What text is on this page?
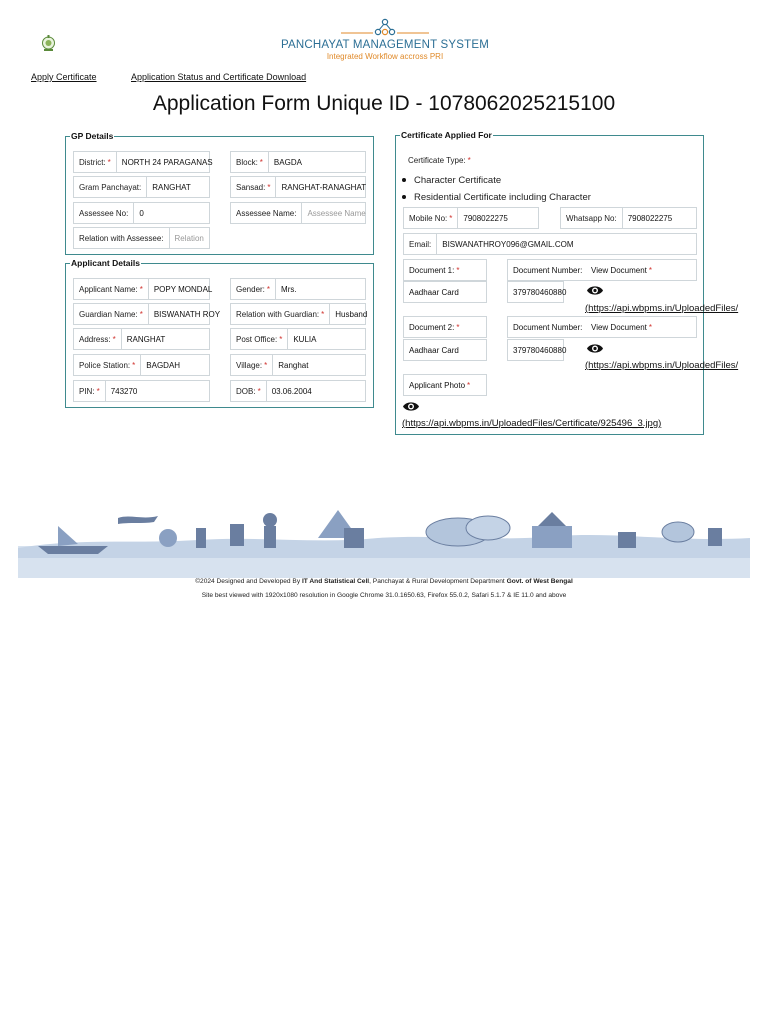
PANCHAYAT MANAGEMENT SYSTEM
Integrated Workflow accross PRI
Apply Certificate	Application Status and Certificate Download
Application Form Unique ID - 1078062025215100
GP Details
District: *	NORTH 24 PARAGANAS	Block: *	BAGDA
Gram Panchayat:	RANGHAT	Sansad: *	RANGHAT-RANAGHAT
Assessee No:	0	Assessee Name:	Assessee Name
Relation with Assessee:	Relation
Applicant Details
Applicant Name: *	POPY MONDAL	Gender: *	Mrs.
Guardian Name: *	BISWANATH ROY	Relation with Guardian: *	Husband
Address: *	RANGHAT	Post Office: *	KULIA
Police Station: *	BAGDAH	Village: *	Ranghat
PIN: *	743270	DOB: *	03.06.2004
Certificate Applied For
Certificate Type: *
Character Certificate
Residential Certificate including Character
Mobile No: *	7908022275	Whatsapp No:	7908022275
Email:	BISWANATHROY096@GMAIL.COM
Document 1: *	Document Number: View Document *
Aadhaar Card	379780460880
(https://api.wbpms.in/UploadedFiles/
Document 2: *	Document Number: View Document *
Aadhaar Card	379780460880
(https://api.wbpms.in/UploadedFiles/
Applicant Photo *
(https://api.wbpms.in/UploadedFiles/Certificate/925496_3.jpg)
©2024 Designed and Developed By IT And Statistical Cell, Panchayat & Rural Development Department Govt. of West Bengal
Site best viewed with 1920x1080 resolution in Google Chrome 31.0.1650.63, Firefox 55.0.2, Safari 5.1.7 & IE 11.0 and above
